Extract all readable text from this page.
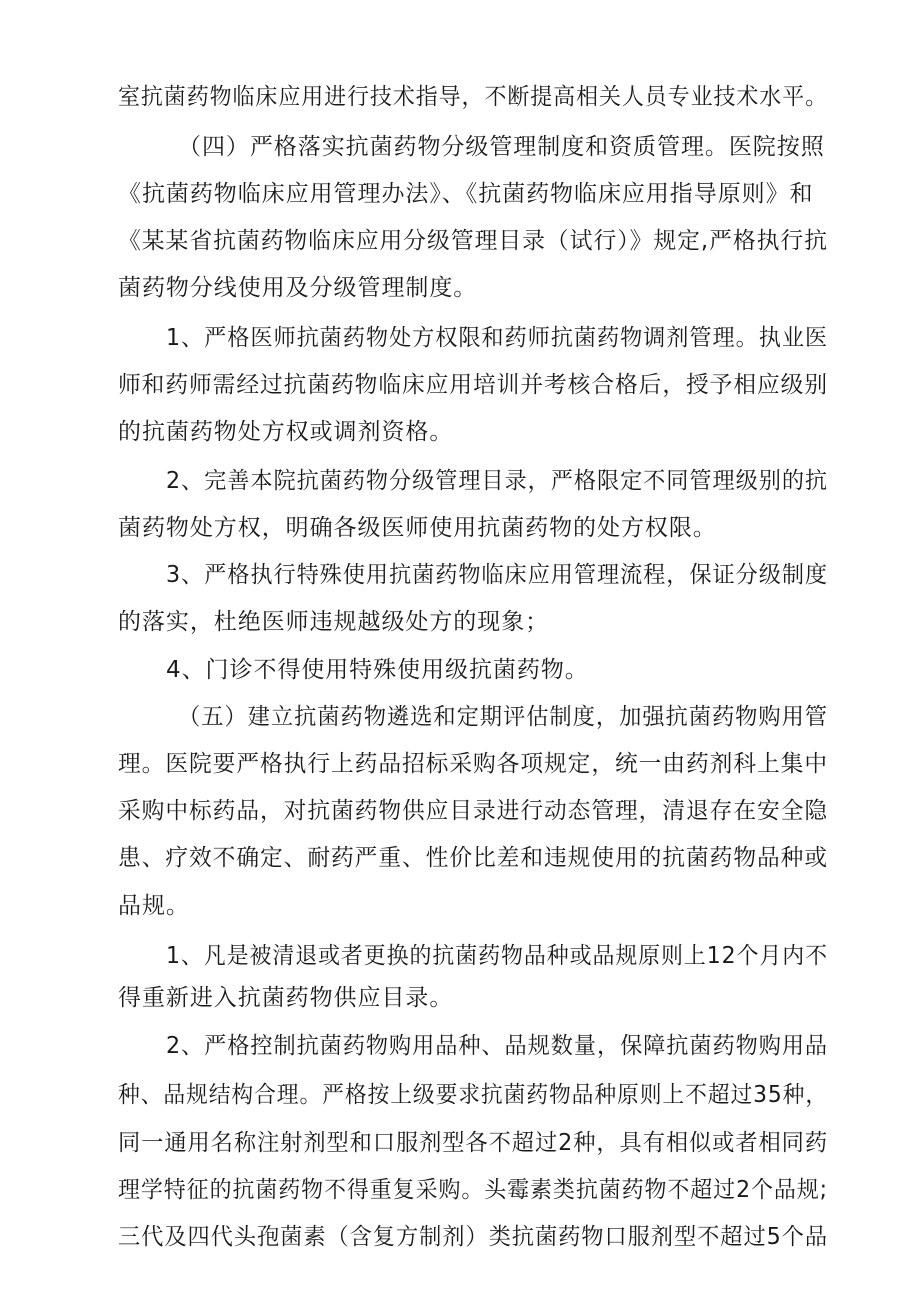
室抗菌药物临床应用进行技术指导，不断提高相关人员专业技术水平。
（四）严格落实抗菌药物分级管理制度和资质管理。医院按照
《抗菌药物临床应用管理办法》、《抗菌药物临床应用指导原则》和
《某某省抗菌药物临床应用分级管理目录（试行）》规定,严格执行抗
菌药物分线使用及分级管理制度。
1、严格医师抗菌药物处方权限和药师抗菌药物调剂管理。执业医
师和药师需经过抗菌药物临床应用培训并考核合格后，授予相应级别
的抗菌药物处方权或调剂资格。
2、完善本院抗菌药物分级管理目录，严格限定不同管理级别的抗
菌药物处方权，明确各级医师使用抗菌药物的处方权限。
3、严格执行特殊使用抗菌药物临床应用管理流程，保证分级制度
的落实，杜绝医师违规越级处方的现象；
4、门诊不得使用特殊使用级抗菌药物。
（五）建立抗菌药物遴选和定期评估制度，加强抗菌药物购用管
理。医院要严格执行上药品招标采购各项规定，统一由药剂科上集中
采购中标药品，对抗菌药物供应目录进行动态管理，清退存在安全隐
患、疗效不确定、耐药严重、性价比差和违规使用的抗菌药物品种或
品规。
1、凡是被清退或者更换的抗菌药物品种或品规原则上12个月内不
得重新进入抗菌药物供应目录。
2、严格控制抗菌药物购用品种、品规数量，保障抗菌药物购用品
种、品规结构合理。严格按上级要求抗菌药物品种原则上不超过35种，
同一通用名称注射剂型和口服剂型各不超过2种，具有相似或者相同药
理学特征的抗菌药物不得重复采购。头霉素类抗菌药物不超过2个品规;
三代及四代头孢菌素（含复方制剂）类抗菌药物口服剂型不超过5个品
